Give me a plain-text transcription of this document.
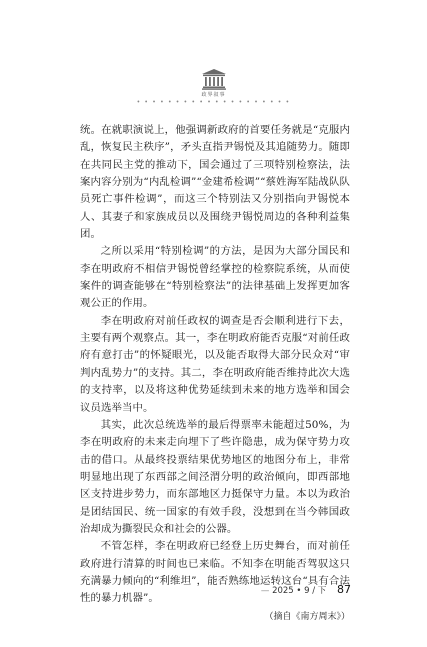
政界叙事
• • • • • • • • • • • • • • • • • • • •

统。在就职演说上，他强调新政府的首要任务就是“克服内乱，恢复民主秩序”，矛头直指尹锡悦及其追随势力。随即在共同民主党的推动下，国会通过了三项特别检察法，法案内容分别为“内乱检调”“金建希检调”“蔡姓海军陆战队队员死亡事件检调”，而这三个特别法又分别指向尹锡悦本人、其妻子和家族成员以及围绕尹锡悦周边的各种利益集团。

之所以采用“特别检调”的方法，是因为大部分国民和李在明政府不相信尹锡悦曾经掌控的检察院系统，从而使案件的调查能够在“特别检察法”的法律基础上发挥更加客观公正的作用。

李在明政府对前任政权的调查是否会顺利进行下去，主要有两个观察点。其一，李在明政府能否克服“对前任政府有意打击”的怀疑眼光，以及能否取得大部分民众对“审判内乱势力”的支持。其二，李在明政府能否维持此次大选的支持率，以及将这种优势延续到未来的地方选举和国会议员选举当中。

其实，此次总统选举的最后得票率未能超过50%，为李在明政府的未来走向埋下了些许隐患，成为保守势力攻击的借口。从最终投票结果优势地区的地图分布上，非常明显地出现了东西部之间泾渭分明的政治倾向，即西部地区支持进步势力，而东部地区力挺保守力量。本以为政治是团结国民、统一国家的有效手段，没想到在当今韩国政治却成为撕裂民众和社会的公器。

不管怎样，李在明政府已经登上历史舞台，而对前任政府进行清算的时间也已来临。不知李在明能否驾驭这只充满暴力倾向的“利维坦”，能否熟练地运转这台“具有合法性的暴力机器”。

（摘自《南方周末》）
— 2025 • 9 / 下 87
